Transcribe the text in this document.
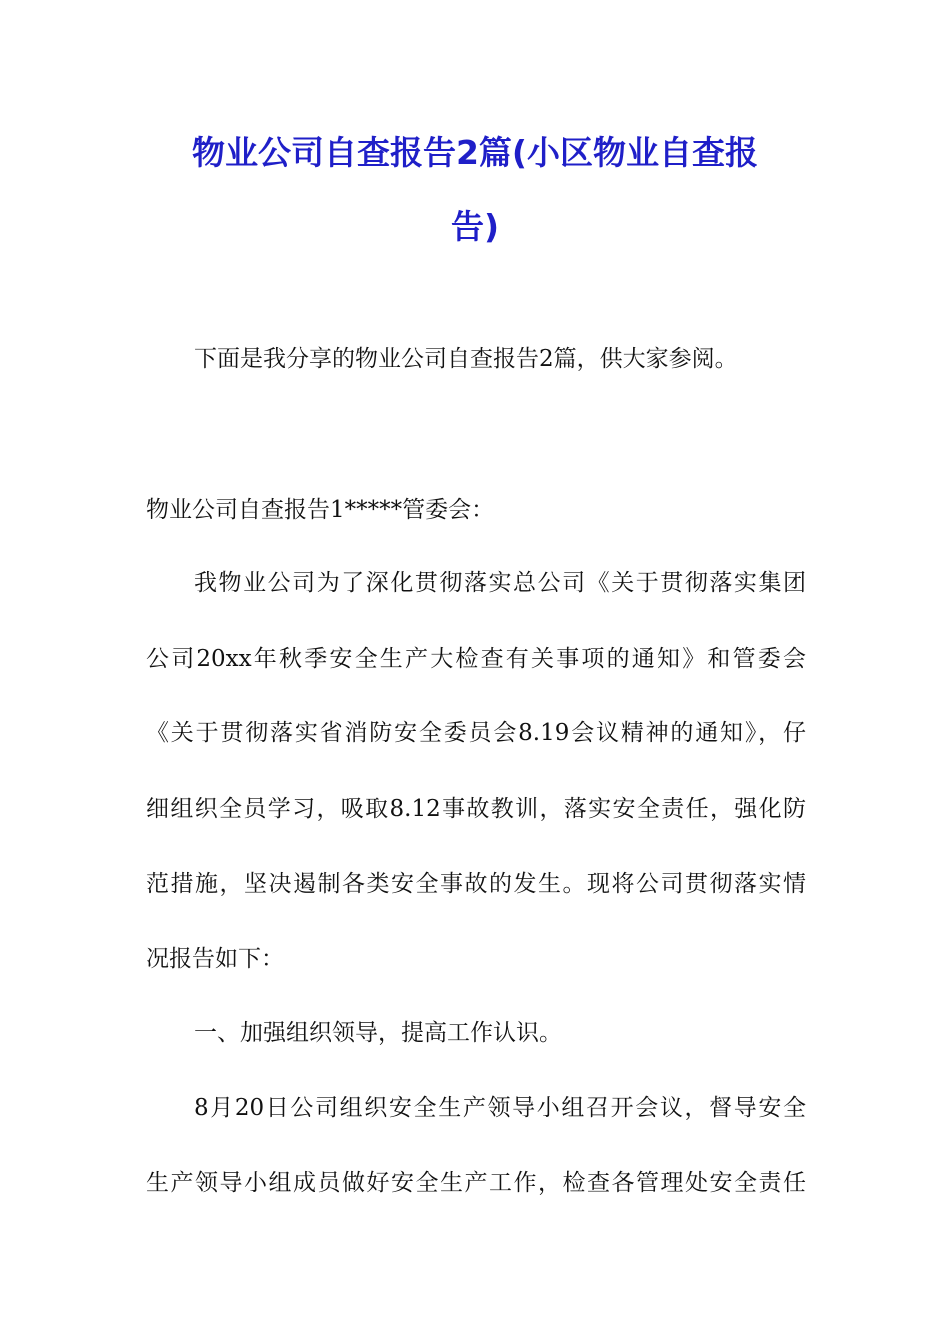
物业公司自查报告2篇(小区物业自查报
告)

下面是我分享的物业公司自查报告2篇，供大家参阅。

物业公司自查报告1*****管委会：

我物业公司为了深化贯彻落实总公司《关于贯彻落实集团

公司20xx年秋季安全生产大检查有关事项的通知》和管委会

《关于贯彻落实省消防安全委员会8.19会议精神的通知》，仔

细组织全员学习，吸取8.12事故教训，落实安全责任，强化防

范措施，坚决遏制各类安全事故的发生。现将公司贯彻落实情

况报告如下：

一、加强组织领导，提高工作认识。

8月20日公司组织安全生产领导小组召开会议，督导安全

生产领导小组成员做好安全生产工作，检查各管理处安全责任
